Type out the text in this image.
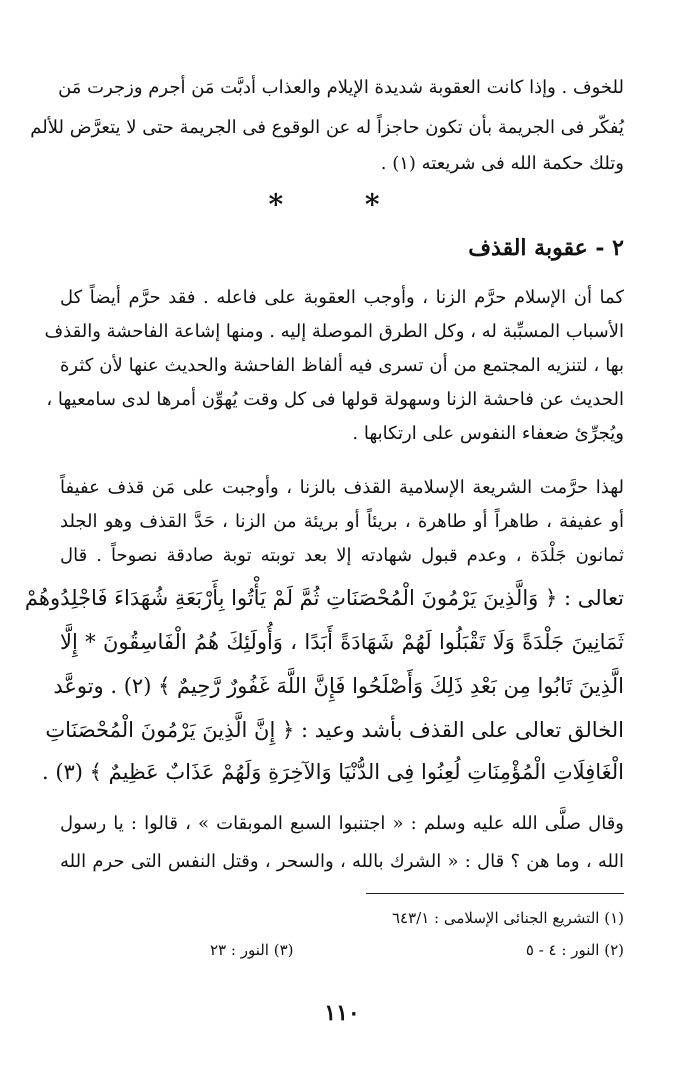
للخوف . وإذا كانت العقوبة شديدة الإيلام والعذاب أدبَّت مَن أجرم وزجرت مَن
يُفكّر فى الجريمة بأن تكون حاجزاً له عن الوقوع فى الجريمة حتى لا يتعرَّض للألم
وتلك حكمة الله فى شريعته (١) .
* *
٢ - عقوبة القذف
كما أن الإسلام حرَّم الزنا ، وأوجب العقوبة على فاعله . فقد حرَّم أيضاً كل
الأسباب المسبِّبة له ، وكل الطرق الموصلة إليه . ومنها إشاعة الفاحشة والقذف
بها ، لتنزيه المجتمع من أن تسرى فيه ألفاظ الفاحشة والحديث عنها لأن كثرة
الحديث عن فاحشة الزنا وسهولة قولها فى كل وقت يُهوِّن أمرها لدى سامعيها ،
ويُجرِّئ ضعفاء النفوس على ارتكابها .
لهذا حرَّمت الشريعة الإسلامية القذف بالزنا ، وأوجبت على مَن قذف عفيفاً
أو عفيفة ، طاهراً أو طاهرة ، بريئاً أو بريئة من الزنا ، حَدَّ القذف وهو الجلد
ثمانون جَلْدَة ، وعدم قبول شهادته إلا بعد توبته توبة صادقة نصوحاً . قال
تعالى : ﴿ وَالَّذِينَ يَرْمُونَ الْمُحْصَنَاتِ ثُمَّ لَمْ يَأْتُوا بِأَرْبَعَةِ شُهَدَاءَ فَاجْلِدُوهُمْ
ثَمَانِينَ جَلْدَةً وَلَا تَقْبَلُوا لَهُمْ شَهَادَةً أَبَدًا ، وَأُولَئِكَ هُمُ الْفَاسِقُونَ * إِلَّا
الَّذِينَ تَابُوا مِن بَعْدِ ذَلِكَ وَأَصْلَحُوا فَإِنَّ اللَّهَ غَفُورٌ رَّحِيمٌ ﴾ (٢) . وتوعَّد
الخالق تعالى على القذف بأشد وعيد : ﴿ إِنَّ الَّذِينَ يَرْمُونَ الْمُحْصَنَاتِ
الْغَافِلَاتِ الْمُؤْمِنَاتِ لُعِنُوا فِى الدُّنْيَا وَالآخِرَةِ وَلَهُمْ عَذَابٌ عَظِيمٌ ﴾ (٣) .
وقال صلَّى الله عليه وسلم : « اجتنبوا السبع الموبقات » ، قالوا : يا رسول
الله ، وما هن ؟ قال : « الشرك بالله ، والسحر ، وقتل النفس التى حرم الله
(١) التشريع الجنائى الإسلامى : ٦٤٣/١
(٢) النور : ٤ - ٥
(٣) النور : ٢٣
١١٠
